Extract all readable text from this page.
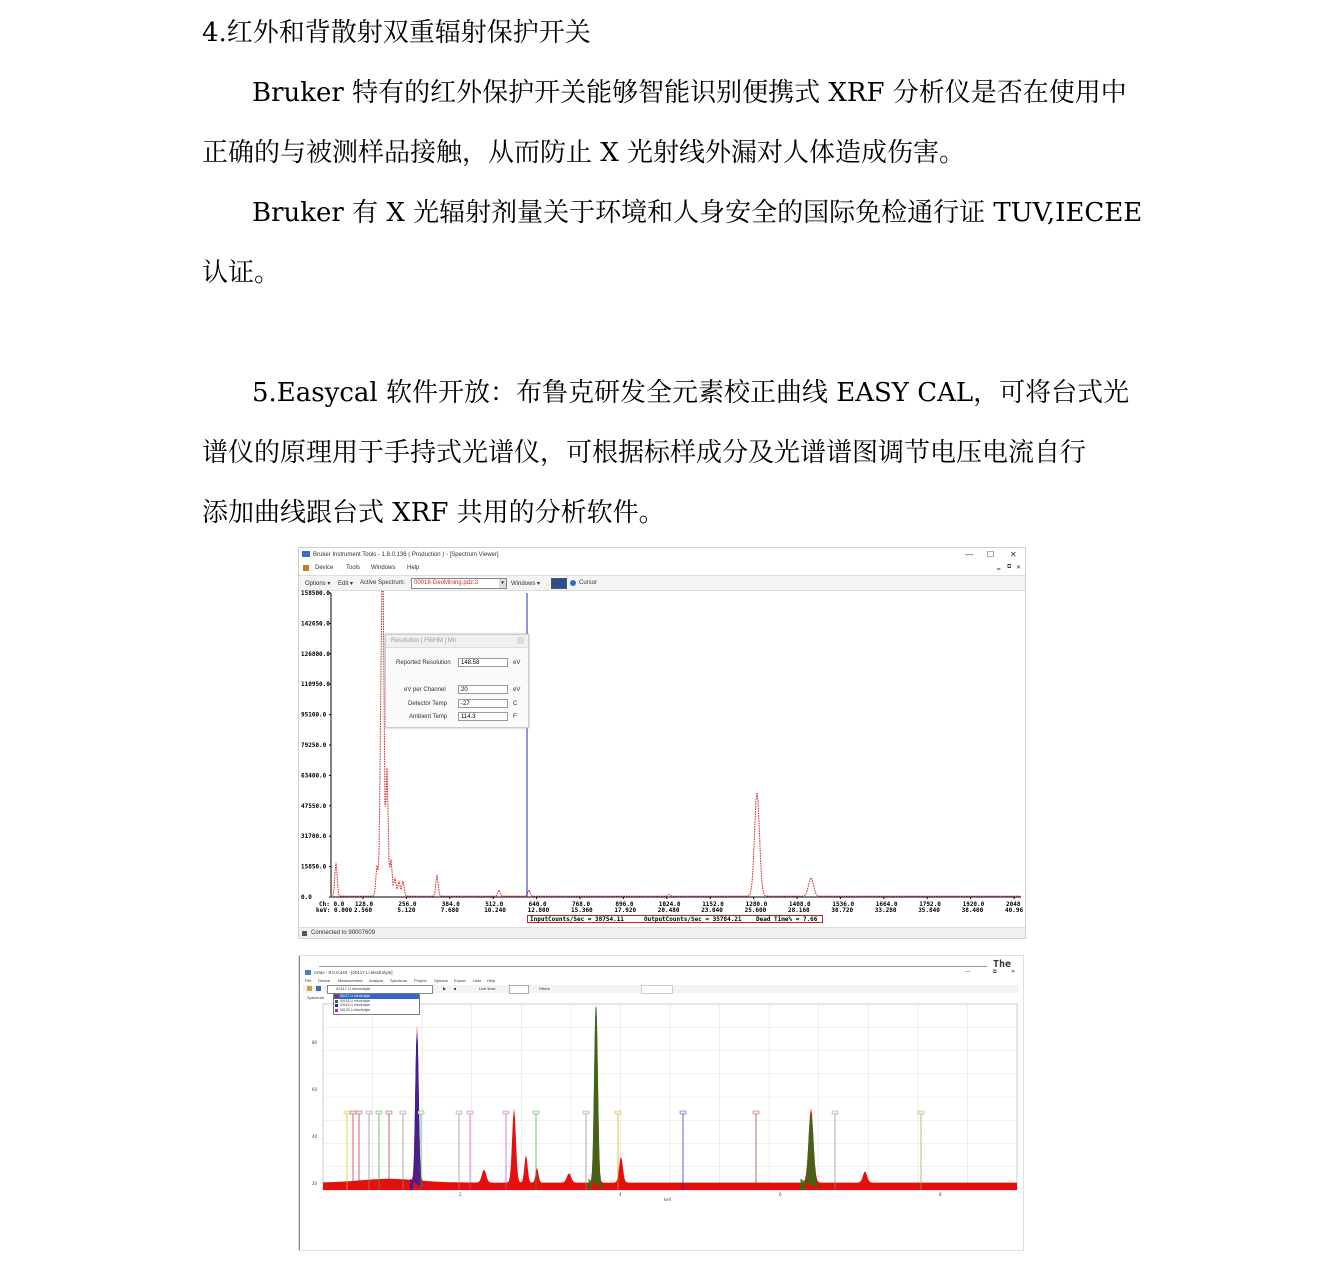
4.红外和背散射双重辐射保护开关
Bruker 特有的红外保护开关能够智能识别便携式 XRF 分析仪是否在使用中
正确的与被测样品接触，从而防止 X 光射线外漏对人体造成伤害。
Bruker 有 X 光辐射剂量关于环境和人身安全的国际免检通行证 TUV,IECEE
认证。
5.Easycal 软件开放：布鲁克研发全元素校正曲线 EASY CAL，可将台式光
谱仪的原理用于手持式光谱仪，可根据标样成分及光谱谱图调节电压电流自行
添加曲线跟台式 XRF 共用的分析软件。
Bruker Instrument Tools - 1.8.0.136 ( Production ) - [Spectrum Viewer]	— ☐ ✕
Device Tools Windows Help	‗ ⧉ ✕
Options ▾ Edit ▾ Active Spectrum: 00018-GeoMining.pdz:3	▾	Windows ▾	Cursor
158500.0
142650.0
126800.0
110950.0
95100.0
79250.0
63400.0
47550.0
31700.0
15850.0
0.0
Ch: 0.0
keV: 0.000
128.0
2.560
256.0
5.120
384.0
7.680
512.0
10.240
640.0
12.800
768.0
15.360
896.0
17.920
1024.0
20.480
1152.0
23.040
1280.0
25.600
1408.0
28.160
1536.0
30.720
1664.0
33.280
1792.0
35.840
1920.0
38.400
2048
40.96
InputCounts/Sec = 38754.11	OutputCounts/Sec = 35784.21 Dead Time% = 7.66
Resolution | FWHM | Mn
Reported Resolution	148.58	eV
eV per Channel	20	eV
Detector Temp	-27	C
Ambient Temp	114.3	F
Connected to 90007609
The
Artax - 8.0.0.443 - [00117 Li electrolyte]	—	⧉	✕
File Device Measurement Analyze Spectrum Project Options Export User Help
00117 Li electrolyte	▶ ■	Live time:	Filters
00117 Li electrolyte
00118 Li electrolyte
00119 Li electrolyte
00120 Li electrolyte
Spectrum
80
60
40
20
2	4	6	8
keV
